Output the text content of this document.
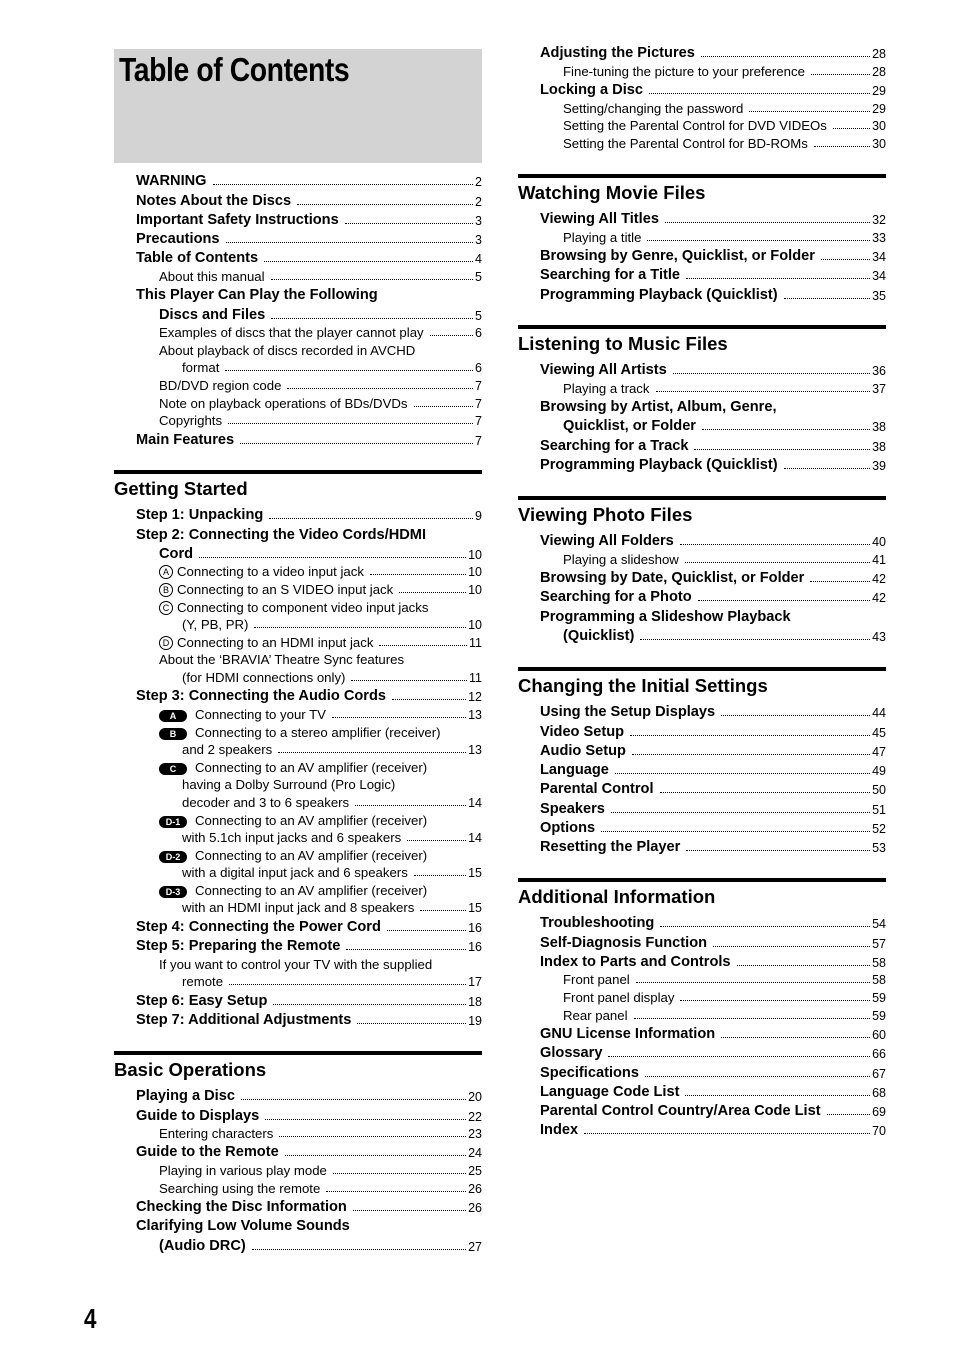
Table of Contents
WARNING	2
Notes About the Discs	2
Important Safety Instructions	3
Precautions	3
Table of Contents	4
About this manual	5
This Player Can Play the Following
Discs and Files	5
Examples of discs that the player cannot play	6
About playback of discs recorded in AVCHD
format	6
BD/DVD region code	7
Note on playback operations of BDs/DVDs	7
Copyrights	7
Main Features	7
Getting Started
Step 1: Unpacking	9
Step 2: Connecting the Video Cords/HDMI
Cord	10
A Connecting to a video input jack	10
B Connecting to an S VIDEO input jack	10
C Connecting to component video input jacks
(Y, PB, PR)	10
D Connecting to an HDMI input jack	11
About the ‘BRAVIA’ Theatre Sync features
(for HDMI connections only)	11
Step 3: Connecting the Audio Cords	12
A	Connecting to your TV	13
B	Connecting to a stereo amplifier (receiver)
and 2 speakers	13
C	Connecting to an AV amplifier (receiver)
having a Dolby Surround (Pro Logic)
decoder and 3 to 6 speakers	14
D-1	Connecting to an AV amplifier (receiver)
with 5.1ch input jacks and 6 speakers	14
D-2	Connecting to an AV amplifier (receiver)
with a digital input jack and 6 speakers	15
D-3	Connecting to an AV amplifier (receiver)
with an HDMI input jack and 8 speakers	15
Step 4: Connecting the Power Cord	16
Step 5: Preparing the Remote	16
If you want to control your TV with the supplied
remote	17
Step 6: Easy Setup	18
Step 7: Additional Adjustments	19
Basic Operations
Playing a Disc	20
Guide to Displays	22
Entering characters	23
Guide to the Remote	24
Playing in various play mode	25
Searching using the remote	26
Checking the Disc Information	26
Clarifying Low Volume Sounds
(Audio DRC)	27
Adjusting the Pictures	28
Fine-tuning the picture to your preference	28
Locking a Disc	29
Setting/changing the password	29
Setting the Parental Control for DVD VIDEOs	30
Setting the Parental Control for BD-ROMs	30
Watching Movie Files
Viewing All Titles	32
Playing a title	33
Browsing by Genre, Quicklist, or Folder	34
Searching for a Title	34
Programming Playback (Quicklist)	35
Listening to Music Files
Viewing All Artists	36
Playing a track	37
Browsing by Artist, Album, Genre,
Quicklist, or Folder	38
Searching for a Track	38
Programming Playback (Quicklist)	39
Viewing Photo Files
Viewing All Folders	40
Playing a slideshow	41
Browsing by Date, Quicklist, or Folder	42
Searching for a Photo	42
Programming a Slideshow Playback
(Quicklist)	43
Changing the Initial Settings
Using the Setup Displays	44
Video Setup	45
Audio Setup	47
Language	49
Parental Control	50
Speakers	51
Options	52
Resetting the Player	53
Additional Information
Troubleshooting	54
Self-Diagnosis Function	57
Index to Parts and Controls	58
Front panel	58
Front panel display	59
Rear panel	59
GNU License Information	60
Glossary	66
Specifications	67
Language Code List	68
Parental Control Country/Area Code List	69
Index	70
4
